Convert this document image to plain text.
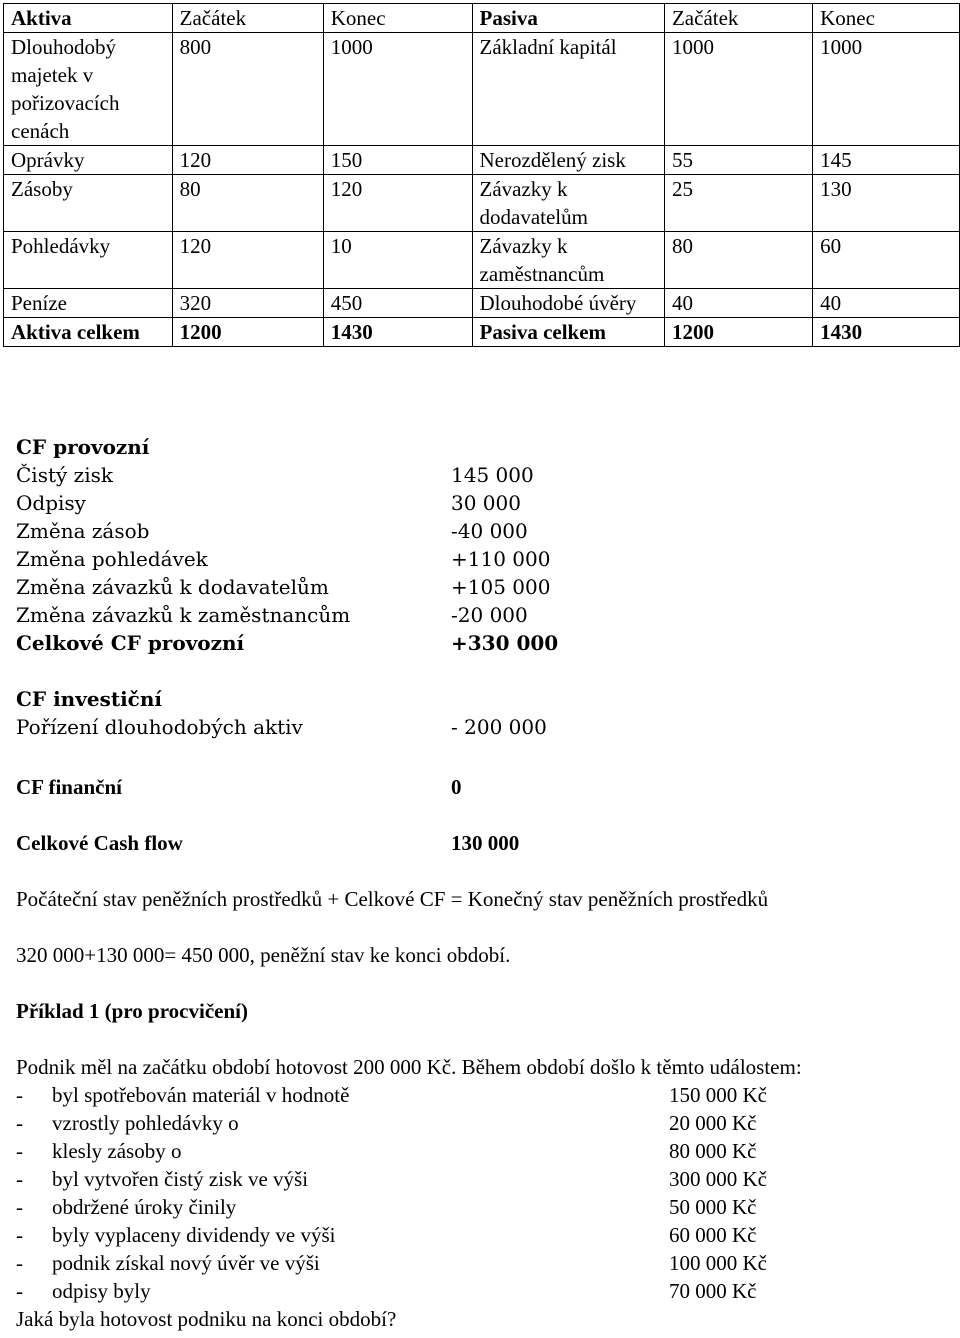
Aktiva	Začátek	Konec	Pasiva	Začátek	Konec
Dlouhodobý majetek v pořizovacích cenách	800	1000	Základní kapitál	1000	1000
Oprávky	120	150	Nerozdělený zisk	55	145
Zásoby	80	120	Závazky k dodavatelům	25	130
Pohledávky	120	10	Závazky k zaměstnancům	80	60
Peníze	320	450	Dlouhodobé úvěry	40	40
Aktiva celkem	1200	1430	Pasiva celkem	1200	1430
CF provozní
Čistý zisk	145 000
Odpisy	30 000
Změna zásob	-40 000
Změna pohledávek	+110 000
Změna závazků k dodavatelům	+105 000
Změna závazků k zaměstnancům	-20 000
Celkové CF provozní	+330 000
CF investiční
Pořízení dlouhodobých aktiv	- 200 000
CF finanční	0
Celkové Cash flow	130 000
Počáteční stav peněžních prostředků + Celkové CF = Konečný stav peněžních prostředků
320 000+130 000= 450 000, peněžní stav ke konci období.
Příklad 1 (pro procvičení)
Podnik měl na začátku období hotovost 200 000 Kč. Během období došlo k těmto událostem:
- byl spotřebován materiál v hodnotě	150 000 Kč
- vzrostly pohledávky o	20 000 Kč
- klesly zásoby o	80 000 Kč
- byl vytvořen čistý zisk ve výši	300 000 Kč
- obdržené úroky činily	50 000 Kč
- byly vyplaceny dividendy ve výši	60 000 Kč
- podnik získal nový úvěr ve výši	100 000 Kč
- odpisy byly	70 000 Kč
Jaká byla hotovost podniku na konci období?
